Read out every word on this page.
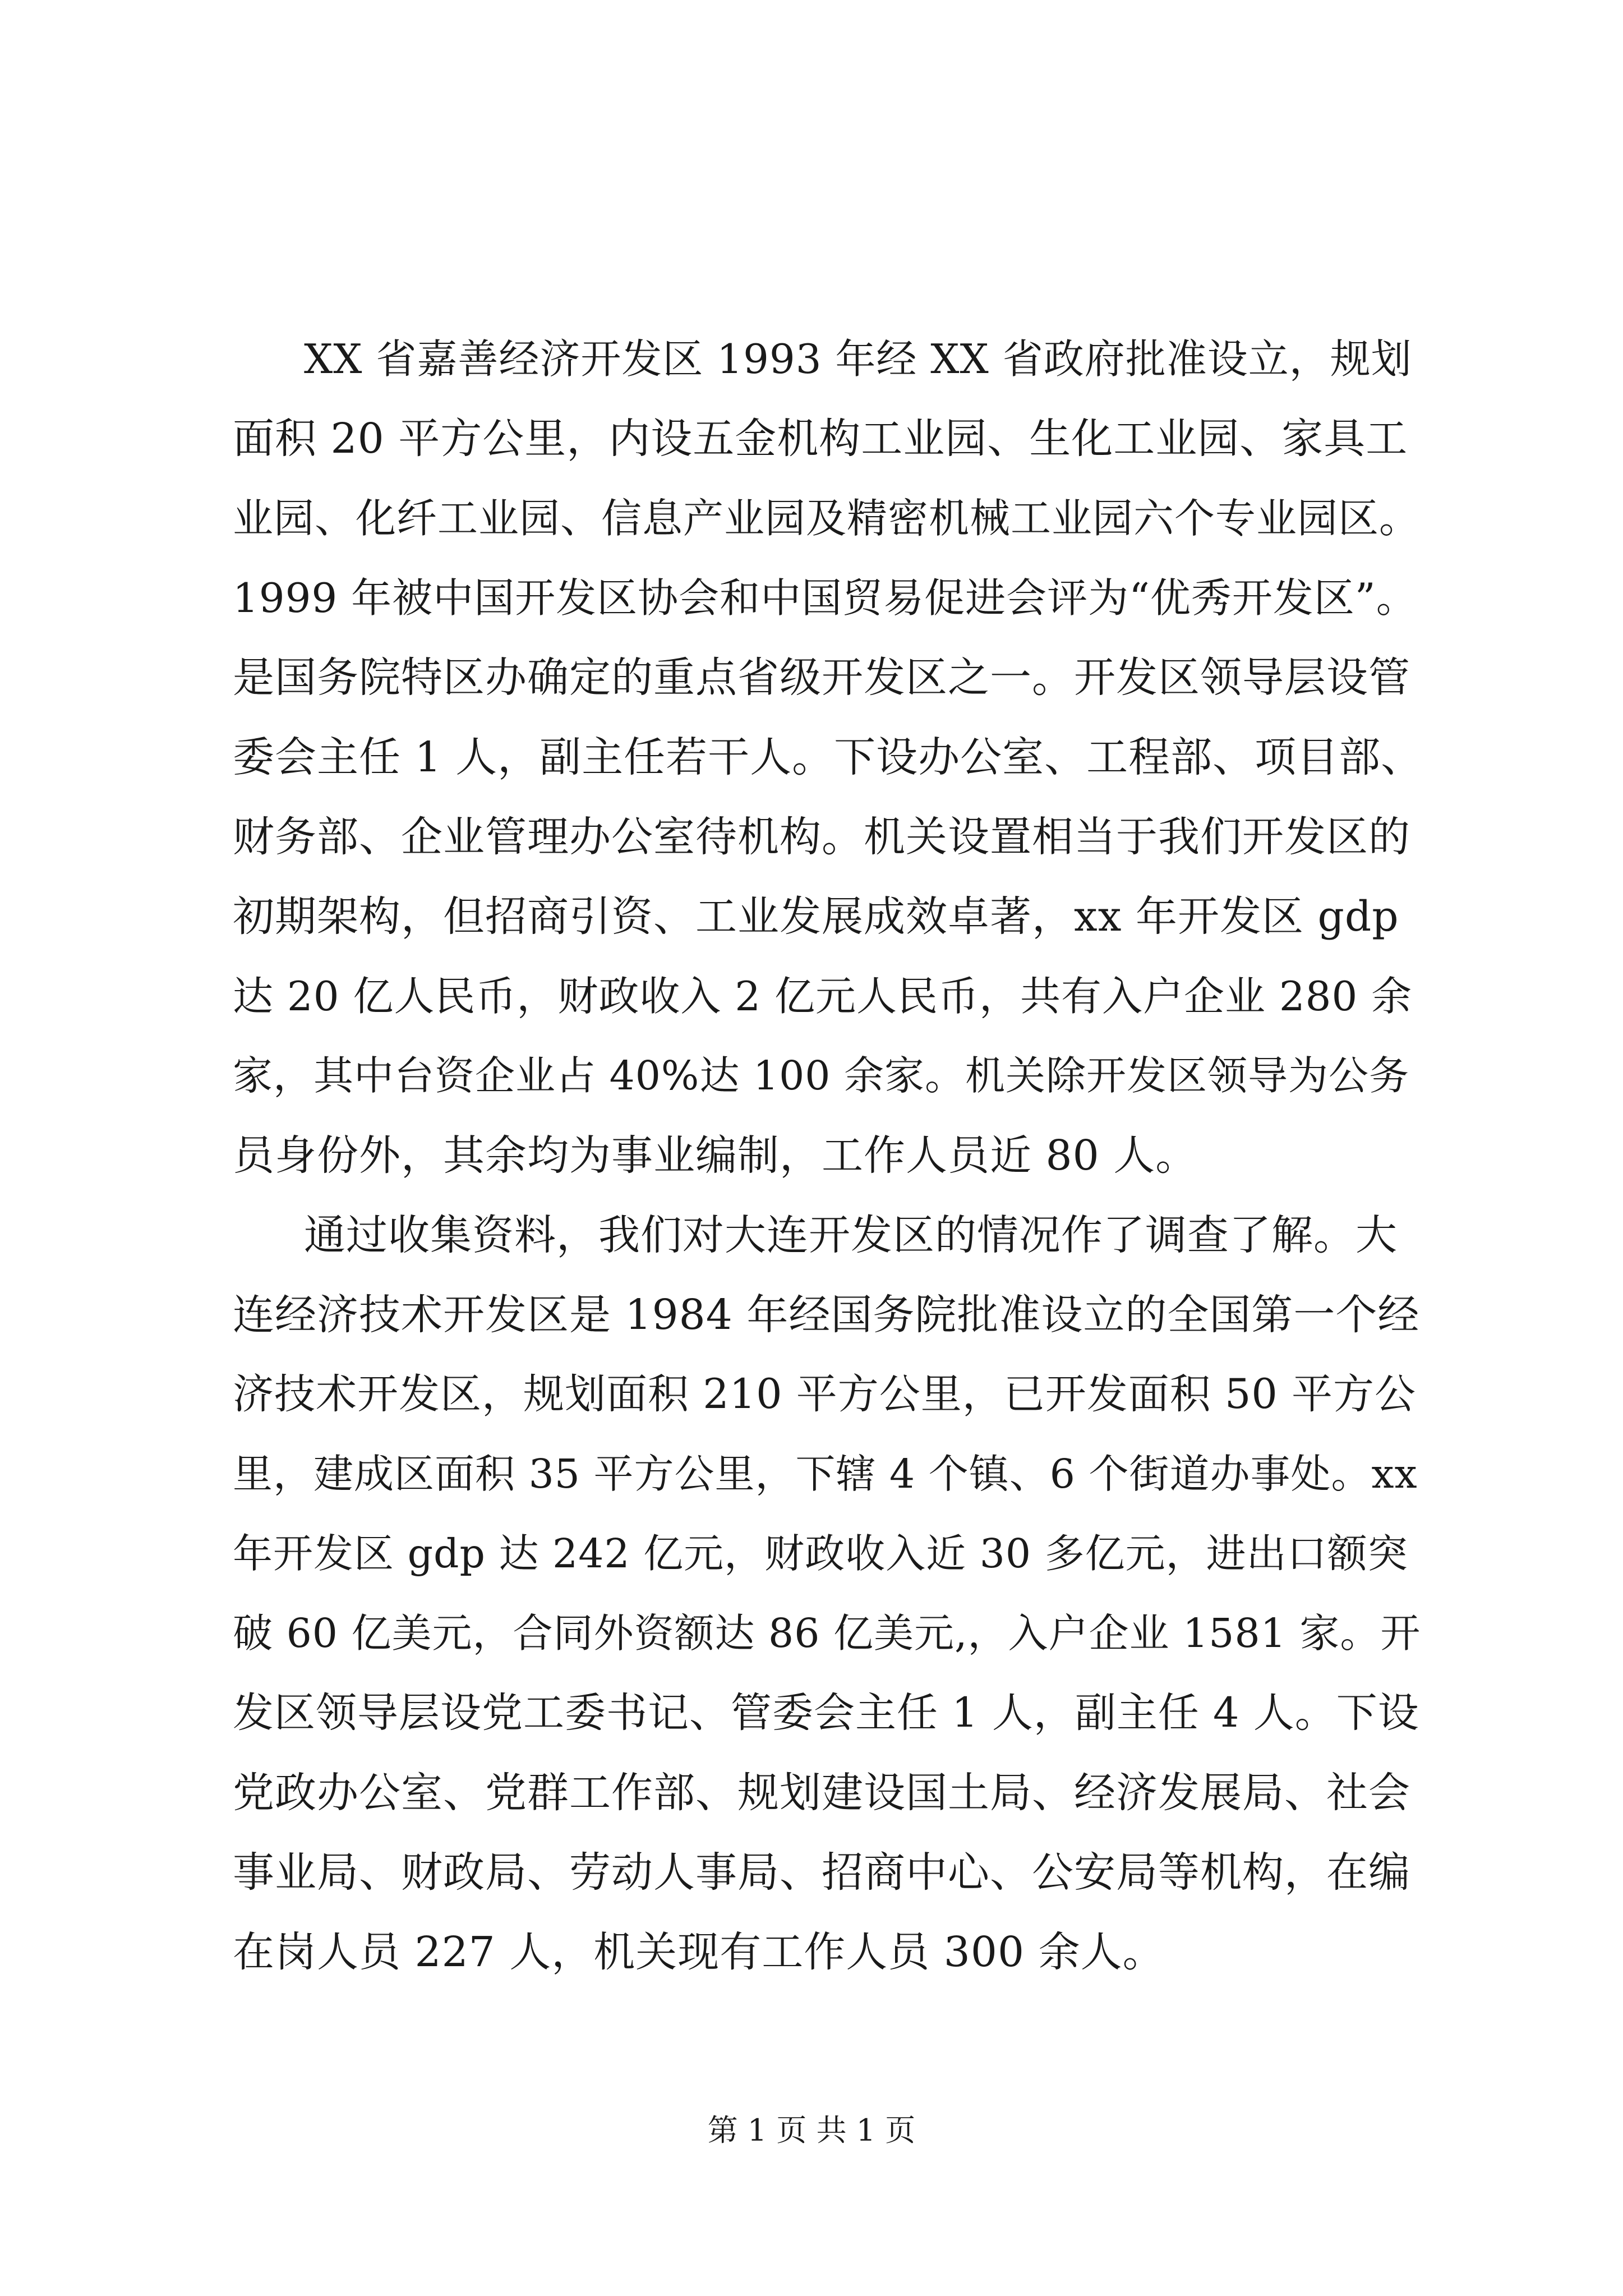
XX 省嘉善经济开发区 1993 年经 XX 省政府批准设立，规划
面积 20 平方公里，内设五金机构工业园、生化工业园、家具工
业园、化纤工业园、信息产业园及精密机械工业园六个专业园区。
1999 年被中国开发区协会和中国贸易促进会评为“优秀开发区”。
是国务院特区办确定的重点省级开发区之一。开发区领导层设管
委会主任 1 人，副主任若干人。下设办公室、工程部、项目部、
财务部、企业管理办公室待机构。机关设置相当于我们开发区的
初期架构，但招商引资、工业发展成效卓著，xx 年开发区 gdp
达 20 亿人民币，财政收入 2 亿元人民币，共有入户企业 280 余
家，其中台资企业占 40%达 100 余家。机关除开发区领导为公务
员身份外，其余均为事业编制，工作人员近 80 人。
通过收集资料，我们对大连开发区的情况作了调查了解。大
连经济技术开发区是 1984 年经国务院批准设立的全国第一个经
济技术开发区，规划面积 210 平方公里，已开发面积 50 平方公
里，建成区面积 35 平方公里，下辖 4 个镇、6 个街道办事处。xx
年开发区 gdp 达 242 亿元，财政收入近 30 多亿元，进出口额突
破 60 亿美元，合同外资额达 86 亿美元,，入户企业 1581 家。开
发区领导层设党工委书记、管委会主任 1 人，副主任 4 人。下设
党政办公室、党群工作部、规划建设国土局、经济发展局、社会
事业局、财政局、劳动人事局、招商中心、公安局等机构，在编
在岗人员 227 人，机关现有工作人员 300 余人。
第 1 页 共 1 页
